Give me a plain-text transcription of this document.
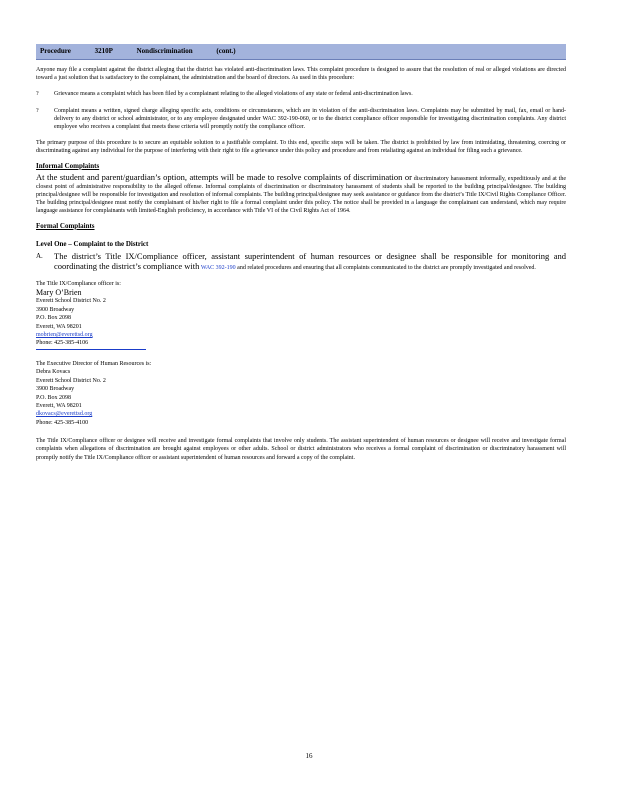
Procedure	3210P	Nondiscrimination	(cont.)

Anyone may file a complaint against the district alleging that the district has violated anti-discrimination laws. This complaint procedure is designed to assure that the resolution of real or alleged violations are directed toward a just solution that is satisfactory to the complainant, the administration and the board of directors. As used in this procedure:

?	Grievance means a complaint which has been filed by a complainant relating to the alleged violations of any state or federal anti-discrimination laws.
?	Complaint means a written, signed charge alleging specific acts, conditions or circumstances, which are in violation of the anti-discrimination laws. Complaints may be submitted by mail, fax, email or hand-delivery to any district or school administrator, or to any employee designated under WAC 392-190-060, or to the district compliance officer responsible for investigating discrimination complaints. Any district employee who receives a complaint that meets these criteria will promptly notify the compliance officer.

The primary purpose of this procedure is to secure an equitable solution to a justifiable complaint. To this end, specific steps will be taken. The district is prohibited by law from intimidating, threatening, coercing or discriminating against any individual for the purpose of interfering with their right to file a grievance under this policy and procedure and from retaliating against an individual for filing such a grievance.

Informal Complaints

At the student and parent/guardian’s option, attempts will be made to resolve complaints of discrimination or discriminatory harassment informally, expeditiously and at the closest point of administrative responsibility to the alleged offense. Informal complaints of discrimination or discriminatory harassment of students shall be reported to the building principal/designee. The building principal/designee will be responsible for investigation and resolution of informal complaints. The building principal/designee may seek assistance or guidance from the district’s Title IX/Civil Rights Compliance Officer. The building principal/designee must notify the complainant of his/her right to file a formal complaint under this policy. The notice shall be provided in a language the complainant can understand, which may require language assistance for complainants with limited-English proficiency, in accordance with Title VI of the Civil Rights Act of 1964.

Formal Complaints
Level One – Complaint to the District
A. The district’s Title IX/Compliance officer, assistant superintendent of human resources or designee shall be responsible for monitoring and coordinating the district’s compliance with WAC 392-190 and related procedures and ensuring that all complaints communicated to the district are promptly investigated and resolved.
The Title IX/Compliance officer is:
Mary O’Brien
Everett School District No. 2
3900 Broadway
P.O. Box 2098
Everett, WA 98201
mobrien@everettsd.org
Phone: 425-385-4106
The Executive Director of Human Resources is:
Debra Kovacs
Everett School District No. 2
3900 Broadway
P.O. Box 2098
Everett, WA 98201
dkovacs@everettsd.org
Phone: 425-385-4100

The Title IX/Compliance officer or designee will receive and investigate formal complaints that involve only students. The assistant superintendent of human resources or designee will receive and investigate formal complaints when allegations of discrimination are brought against employees or other adults. School or district administrators who receives a formal complaint of discrimination or discriminatory harassment will promptly notify the Title IX/Compliance officer or assistant superintendent of human resources and forward a copy of the complaint.

16
